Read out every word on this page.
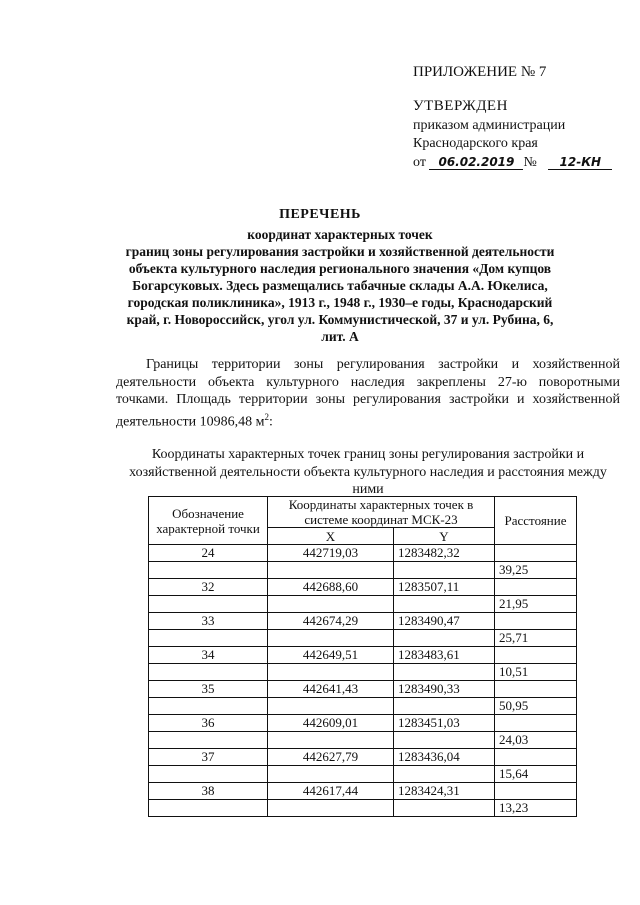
ПРИЛОЖЕНИЕ № 7
УТВЕРЖДЕН
приказом администрации
Краснодарского края
от 06.02.2019 № 12-КН
ПЕРЕЧЕНЬ
координат характерных точек
границ зоны регулирования застройки и хозяйственной деятельности
объекта культурного наследия регионального значения «Дом купцов
Богарсуковых. Здесь размещались табачные склады А.А. Юкелиса,
городская поликлиника», 1913 г., 1948 г., 1930–е годы, Краснодарский
край, г. Новороссийск, угол ул. Коммунистической, 37 и ул. Рубина, 6,
лит. А
Границы территории зоны регулирования застройки и хозяйственной деятельности объекта культурного наследия закреплены 27-ю поворотными точками. Площадь территории зоны регулирования застройки и хозяйственной деятельности 10986,48 $м^2$:
Координаты характерных точек границ зоны регулирования застройки и хозяйственной деятельности объекта культурного наследия и расстояния между ними
Обозначение характерной точки	Координаты характерных точек в системе координат МСК-23		Расстояние
	X	Y	
24	442719,03	1283482,32	
			39,25
32	442688,60	1283507,11	
			21,95
33	442674,29	1283490,47	
			25,71
34	442649,51	1283483,61	
			10,51
35	442641,43	1283490,33	
			50,95
36	442609,01	1283451,03	
			24,03
37	442627,79	1283436,04	
			15,64
38	442617,44	1283424,31	
			13,23
